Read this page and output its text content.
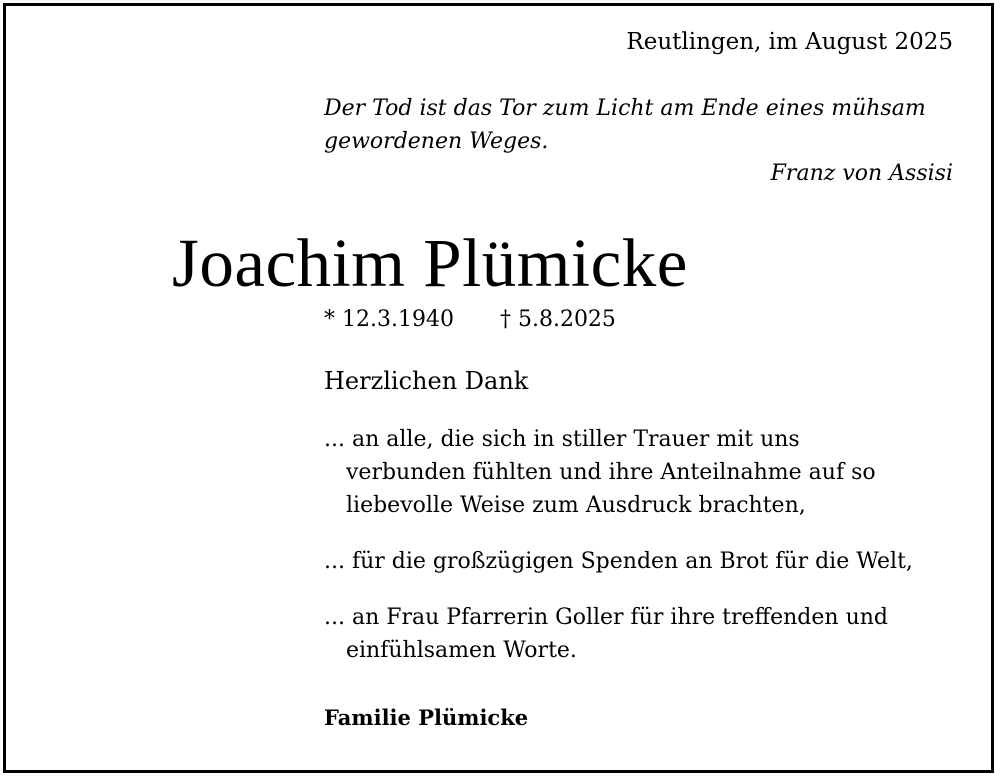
Reutlingen, im August 2025
Der Tod ist das Tor zum Licht am Ende eines mühsam
gewordenen Weges.
Franz von Assisi
Joachim Plümicke
* 12.3.1940 † 5.8.2025
Herzlichen Dank
... an alle, die sich in stiller Trauer mit uns
verbunden fühlten und ihre Anteilnahme auf so
liebevolle Weise zum Ausdruck brachten,
... für die großzügigen Spenden an Brot für die Welt,
... an Frau Pfarrerin Goller für ihre treffenden und
einfühlsamen Worte.
Familie Plümicke
